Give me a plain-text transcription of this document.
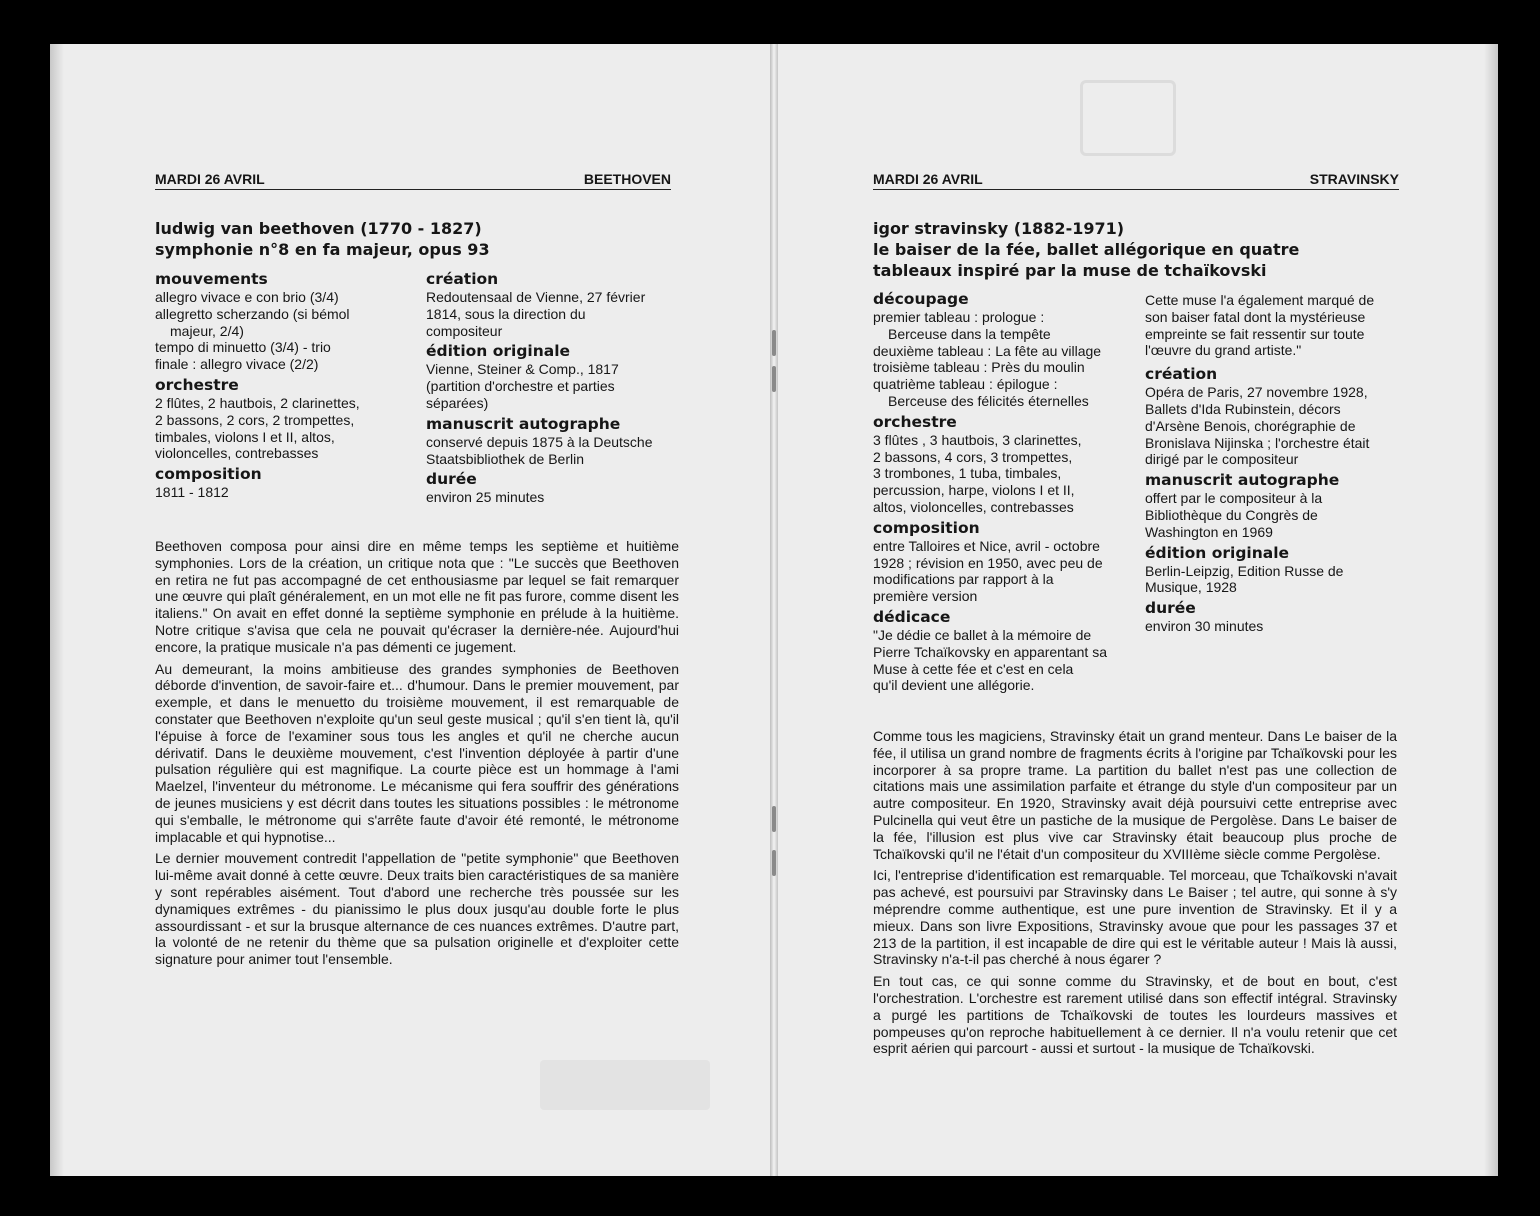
MARDI 26 AVRIL	BEETHOVEN
ludwig van beethoven (1770 - 1827)
symphonie n°8 en fa majeur, opus 93
mouvements

allegro vivace e con brio (3/4)

allegretto scherzando (si bémol

majeur, 2/4)

tempo di minuetto (3/4) - trio

finale : allegro vivace (2/2)

orchestre

2 flûtes, 2 hautbois, 2 clarinettes,

2 bassons, 2 cors, 2 trompettes,

timbales, violons I et II, altos,

violoncelles, contrebasses

composition

1811 - 1812

création

Redoutensaal de Vienne, 27 février

1814, sous la direction du

compositeur

édition originale

Vienne, Steiner & Comp., 1817

(partition d'orchestre et parties

séparées)

manuscrit autographe

conservé depuis 1875 à la Deutsche

Staatsbibliothek de Berlin

durée

environ 25 minutes

Beethoven composa pour ainsi dire en même temps les septième et huitième symphonies. Lors de la création, un critique nota que : "Le succès que Beethoven en retira ne fut pas accompagné de cet enthousiasme par lequel se fait remarquer une œuvre qui plaît généralement, en un mot elle ne fit pas furore, comme disent les italiens." On avait en effet donné la septième symphonie en prélude à la huitième. Notre critique s'avisa que cela ne pouvait qu'écraser la dernière-née. Aujourd'hui encore, la pratique musicale n'a pas démenti ce jugement.

Au demeurant, la moins ambitieuse des grandes symphonies de Beethoven déborde d'invention, de savoir-faire et... d'humour. Dans le premier mouvement, par exemple, et dans le menuetto du troisième mouvement, il est remarquable de constater que Beethoven n'exploite qu'un seul geste musical ; qu'il s'en tient là, qu'il l'épuise à force de l'examiner sous tous les angles et qu'il ne cherche aucun dérivatif. Dans le deuxième mouvement, c'est l'invention déployée à partir d'une pulsation régulière qui est magnifique. La courte pièce est un hommage à l'ami Maelzel, l'inventeur du métronome. Le mécanisme qui fera souffrir des générations de jeunes musiciens y est décrit dans toutes les situations possibles : le métronome qui s'emballe, le métronome qui s'arrête faute d'avoir été remonté, le métronome implacable et qui hypnotise...

Le dernier mouvement contredit l'appellation de "petite symphonie" que Beethoven lui-même avait donné à cette œuvre. Deux traits bien caractéristiques de sa manière y sont repérables aisément. Tout d'abord une recherche très poussée sur les dynamiques extrêmes - du pianissimo le plus doux jusqu'au double forte le plus assourdissant - et sur la brusque alternance de ces nuances extrêmes. D'autre part, la volonté de ne retenir du thème que sa pulsation originelle et d'exploiter cette signature pour animer tout l'ensemble.

MARDI 26 AVRIL	STRAVINSKY
igor stravinsky (1882-1971)
le baiser de la fée, ballet allégorique en quatre
tableaux inspiré par la muse de tchaïkovski
découpage

premier tableau : prologue :

Berceuse dans la tempête

deuxième tableau : La fête au village

troisième tableau : Près du moulin

quatrième tableau : épilogue :

Berceuse des félicités éternelles

orchestre

3 flûtes , 3 hautbois, 3 clarinettes,

2 bassons, 4 cors, 3 trompettes,

3 trombones, 1 tuba, timbales,

percussion, harpe, violons I et II,

altos, violoncelles, contrebasses

composition

entre Talloires et Nice, avril - octobre

1928 ; révision en 1950, avec peu de

modifications par rapport à la

première version

dédicace

"Je dédie ce ballet à la mémoire de

Pierre Tchaïkovsky en apparentant sa

Muse à cette fée et c'est en cela

qu'il devient une allégorie.

Cette muse l'a également marqué de

son baiser fatal dont la mystérieuse

empreinte se fait ressentir sur toute

l'œuvre du grand artiste."

création

Opéra de Paris, 27 novembre 1928,

Ballets d'Ida Rubinstein, décors

d'Arsène Benois, chorégraphie de

Bronislava Nijinska ; l'orchestre était

dirigé par le compositeur

manuscrit autographe

offert par le compositeur à la

Bibliothèque du Congrès de

Washington en 1969

édition originale

Berlin-Leipzig, Edition Russe de

Musique, 1928

durée

environ 30 minutes

Comme tous les magiciens, Stravinsky était un grand menteur. Dans Le baiser de la fée, il utilisa un grand nombre de fragments écrits à l'origine par Tchaïkovski pour les incorporer à sa propre trame. La partition du ballet n'est pas une collection de citations mais une assimilation parfaite et étrange du style d'un compositeur par un autre compositeur. En 1920, Stravinsky avait déjà poursuivi cette entreprise avec Pulcinella qui veut être un pastiche de la musique de Pergolèse. Dans Le baiser de la fée, l'illusion est plus vive car Stravinsky était beaucoup plus proche de Tchaïkovski qu'il ne l'était d'un compositeur du XVIIIème siècle comme Pergolèse.

Ici, l'entreprise d'identification est remarquable. Tel morceau, que Tchaïkovski n'avait pas achevé, est poursuivi par Stravinsky dans Le Baiser ; tel autre, qui sonne à s'y méprendre comme authentique, est une pure invention de Stravinsky. Et il y a mieux. Dans son livre Expositions, Stravinsky avoue que pour les passages 37 et 213 de la partition, il est incapable de dire qui est le véritable auteur ! Mais là aussi, Stravinsky n'a-t-il pas cherché à nous égarer ?

En tout cas, ce qui sonne comme du Stravinsky, et de bout en bout, c'est l'orchestration. L'orchestre est rarement utilisé dans son effectif intégral. Stravinsky a purgé les partitions de Tchaïkovski de toutes les lourdeurs massives et pompeuses qu'on reproche habituellement à ce dernier. Il n'a voulu retenir que cet esprit aérien qui parcourt - aussi et surtout - la musique de Tchaïkovski.
